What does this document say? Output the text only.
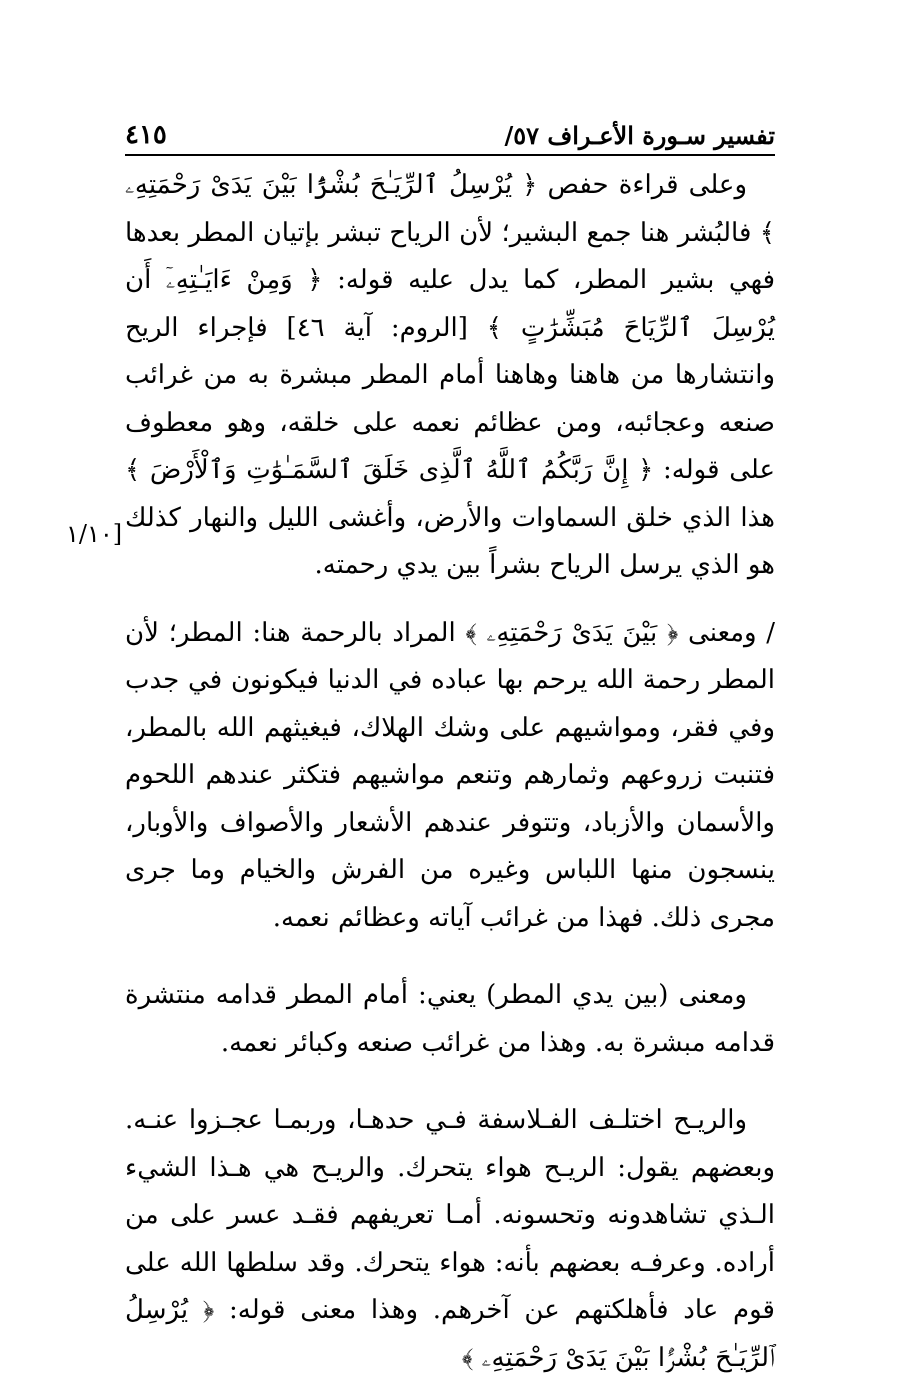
تفسير سـورة الأعـراف ٥٧/
٤١٥
[١/١٠

وعلى قراءة حفص ﴿ يُرْسِلُ ٱلرِّيَـٰحَ بُشْرًۢا بَيْنَ يَدَىْ رَحْمَتِهِۦ ﴾ فالبُشر هنا جمع البشير؛ لأن الرياح تبشر بإتيان المطر بعدها فهي بشير المطر، كما يدل عليه قوله: ﴿ وَمِنْ ءَايَـٰتِهِۦٓ أَن يُرْسِلَ ٱلرِّيَاحَ مُبَشِّرَٰتٍ ﴾ [الروم: آية ٤٦] فإجراء الريح وانتشارها من هاهنا وهاهنا أمام المطر مبشرة به من غرائب صنعه وعجائبه، ومن عظائم نعمه على خلقه، وهو معطوف على قوله: ﴿ إِنَّ رَبَّكُمُ ٱللَّهُ ٱلَّذِى خَلَقَ ٱلسَّمَـٰوَٰتِ وَٱلْأَرْضَ ﴾ هذا الذي خلق السماوات والأرض، وأغشى الليل والنهار كذلك هو الذي يرسل الرياح بشراً بين يدي رحمته.

/ ومعنى ﴿ بَيْنَ يَدَىْ رَحْمَتِهِۦ ﴾ المراد بالرحمة هنا: المطر؛ لأن المطر رحمة الله يرحم بها عباده في الدنيا فيكونون في جدب وفي فقر، ومواشيهم على وشك الهلاك، فيغيثهم الله بالمطر، فتنبت زروعهم وثمارهم وتنعم مواشيهم فتكثر عندهم اللحوم والأسمان والأزباد، وتتوفر عندهم الأشعار والأصواف والأوبار، ينسجون منها اللباس وغيره من الفرش والخيام وما جرى مجرى ذلك. فهذا من غرائب آياته وعظائم نعمه.

ومعنى (بين يدي المطر) يعني: أمام المطر قدامه منتشرة قدامه مبشرة به. وهذا من غرائب صنعه وكبائر نعمه.

والريـح اختلـف الفـلاسفة فـي حدهـا، وربمـا عجـزوا عنـه. وبعضهم يقول: الريـح هواء يتحرك. والريـح هي هـذا الشيء الـذي تشاهدونه وتحسونه. أمـا تعريفهم فقـد عسر على من أراده. وعرفـه بعضهم بأنه: هواء يتحرك. وقد سلطها الله على قوم عاد فأهلكتهم عن آخرهم. وهذا معنى قوله: ﴿ يُرْسِلُ ٱلرِّيَـٰحَ بُشْرًۢا بَيْنَ يَدَىْ رَحْمَتِهِۦ ﴾
